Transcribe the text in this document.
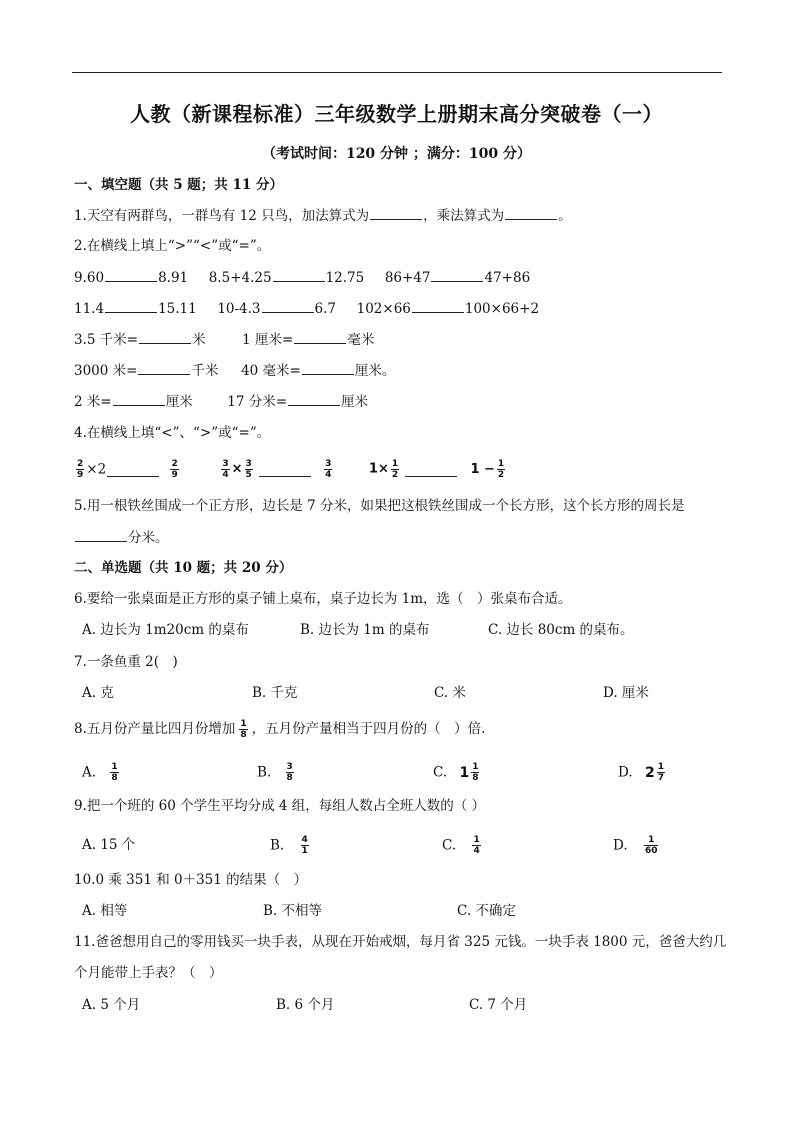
人教（新课程标准）三年级数学上册期末高分突破卷（一）
（考试时间：120 分钟 ；满分：100 分）
一、填空题（共 5 题；共 11 分）
1.天空有两群鸟，一群鸟有 12 只鸟，加法算式为	，乘法算式为	。
2.在横线上填上“>”“<”或“=”。
9.60	8.91 8.5+4.25	12.75 86+47	47+86
11.4	15.11 10-4.3	6.7 102×66	100×66+2
3.5 千米=	米	1 厘米=	毫米
3000 米=	千米 40 毫米=	厘米。
2 米=	厘米	17 分米=	厘米
4.在横线上填“<”、“>”或“=”。
$\frac{2}{9} \times 2$	$\frac{2}{9}$
	$\frac{3}{4} \times \frac{3}{5}$
	$\frac{3}{4}$	$1\times \frac{1}{2}$	$1 - \frac{1}{2}$
5.用一根铁丝围成一个正方形，边长是 7 分米，如果把这根铁丝围成一个长方形，这个长方形的周长是
分米。
二、单选题（共 10 题；共 20 分）
6.要给一张桌面是正方形的桌子铺上桌布，桌子边长为 1m，选（　）张桌布合适。
A. 边长为 1m20cm 的桌布	B. 边长为 1m 的桌布	C. 边长 80cm 的桌布。
7.一条鱼重 2(　)
A. 克	B. 千克	C. 米	D. 厘米
8.五月份产量比四月份增加 $\frac{1}{8}$ ，五月份产量相当于四月份的（　）倍.
A. $\frac{1}{8}$	B. $\frac{3}{8}$	C. $1 \frac{1}{8}$	D. $2 \frac{1}{7}$
9.把一个班的 60 个学生平均分成 4 组，每组人数占全班人数的（ ）
A. 15 个	B. $\frac{4}{1}$	C. $\frac{1}{4}$	D. $\frac{1}{60}$
10.0 乘 351 和 0＋351 的结果（　）
A. 相等	B. 不相等	C. 不确定
11.爸爸想用自己的零用钱买一块手表，从现在开始戒烟，每月省 325 元钱。一块手表 1800 元，爸爸大约几
个月能带上手表？（　）
A. 5 个月	B. 6 个月	C. 7 个月
